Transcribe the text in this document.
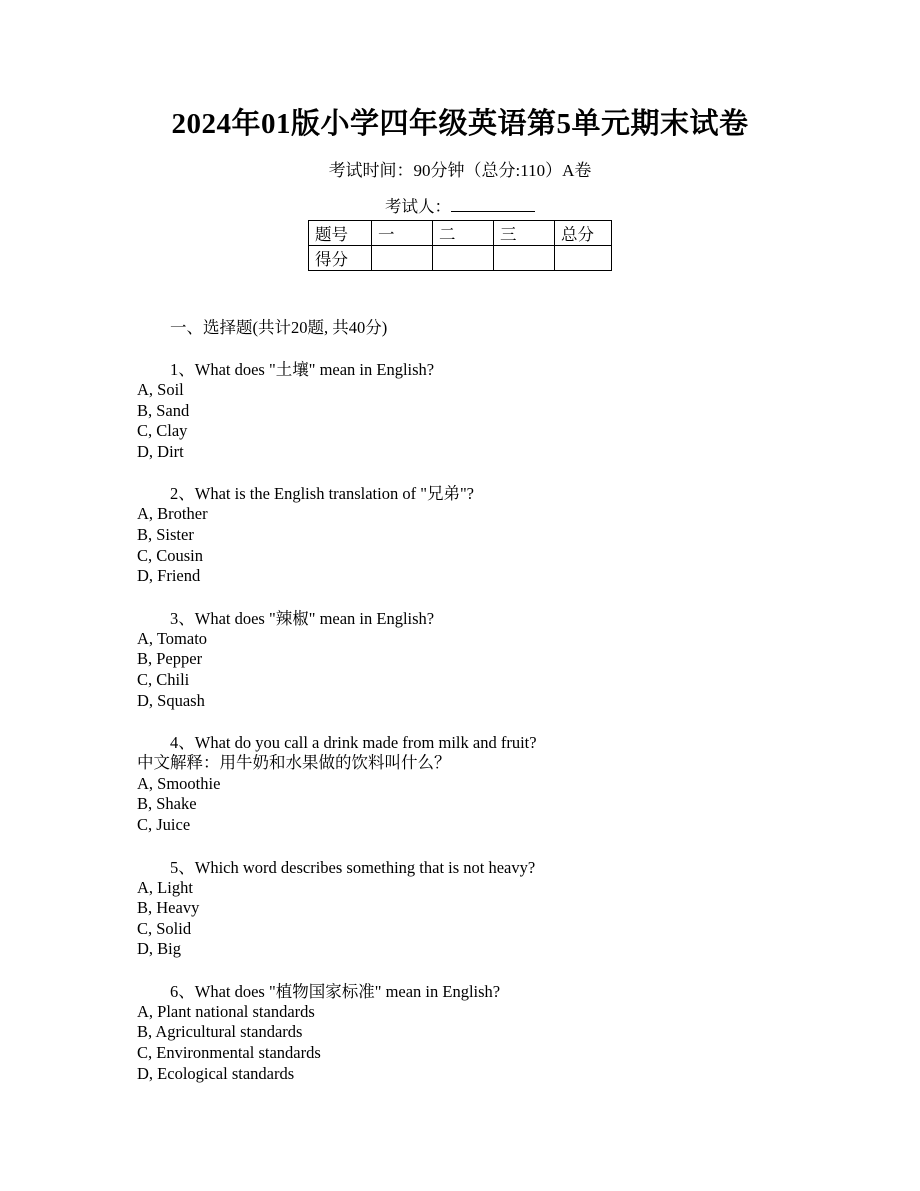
2024年01版小学四年级英语第5单元期末试卷
考试时间：90分钟（总分:110）A卷
考试人：
题号	一	二	三	总分
得分				
一、选择题(共计20题, 共40分)
1、What does "土壤" mean in English?
A, Soil
B, Sand
C, Clay
D, Dirt
2、What is the English translation of "兄弟"?
A, Brother
B, Sister
C, Cousin
D, Friend
3、What does "辣椒" mean in English?
A, Tomato
B, Pepper
C, Chili
D, Squash
4、What do you call a drink made from milk and fruit?
中文解释：用牛奶和水果做的饮料叫什么？
A, Smoothie
B, Shake
C, Juice
5、Which word describes something that is not heavy?
A, Light
B, Heavy
C, Solid
D, Big
6、What does "植物国家标准" mean in English?
A, Plant national standards
B, Agricultural standards
C, Environmental standards
D, Ecological standards
